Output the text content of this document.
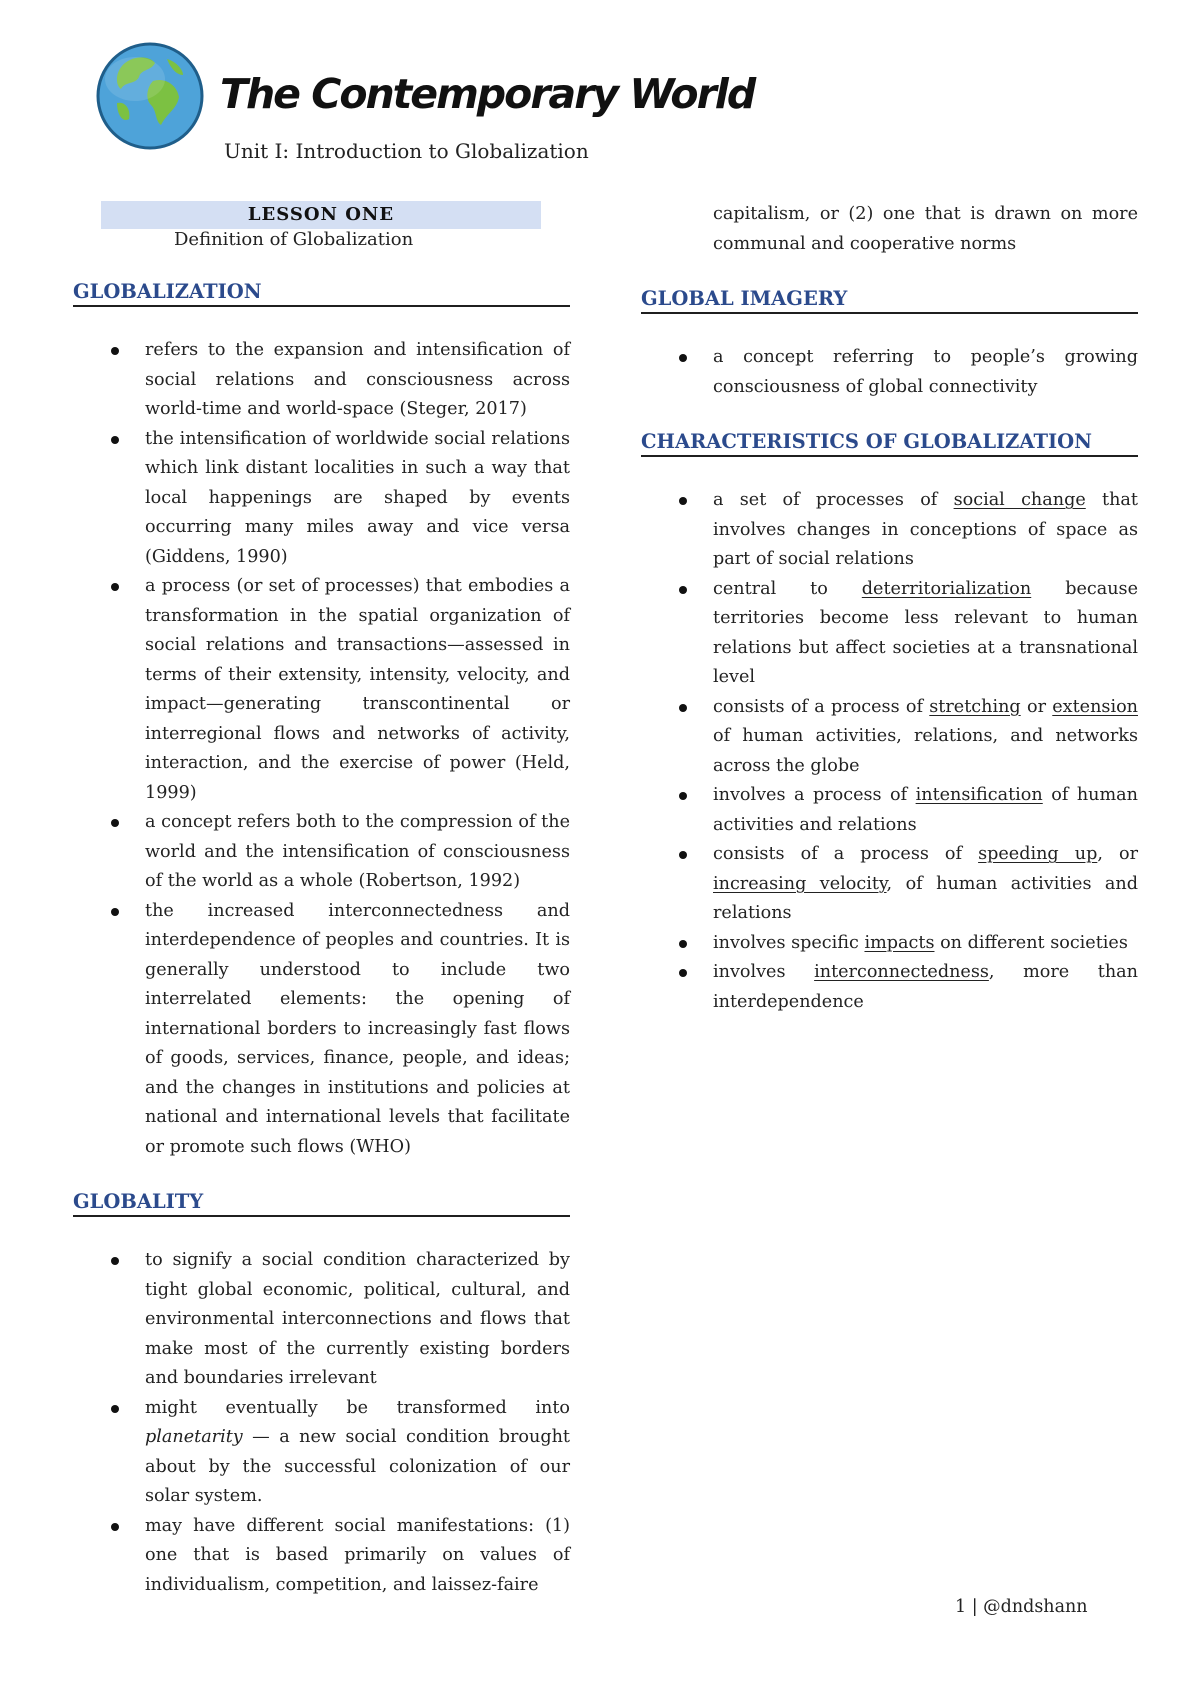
The Contemporary World
Unit I: Introduction to Globalization
LESSON ONE
Definition of Globalization
GLOBALIZATION
refers to the expansion and intensification of social relations and consciousness across world-time and world-space (Steger, 2017)
the intensification of worldwide social relations which link distant localities in such a way that local happenings are shaped by events occurring many miles away and vice versa (Giddens, 1990)
a process (or set of processes) that embodies a transformation in the spatial organization of social relations and transactions—assessed in terms of their extensity, intensity, velocity, and impact—generating transcontinental or interregional flows and networks of activity, interaction, and the exercise of power (Held, 1999)
a concept refers both to the compression of the world and the intensification of consciousness of the world as a whole (Robertson, 1992)
the increased interconnectedness and interdependence of peoples and countries. It is generally understood to include two interrelated elements: the opening of international borders to increasingly fast flows of goods, services, finance, people, and ideas; and the changes in institutions and policies at national and international levels that facilitate or promote such flows (WHO)
GLOBALITY
to signify a social condition characterized by tight global economic, political, cultural, and environmental interconnections and flows that make most of the currently existing borders and boundaries irrelevant
might eventually be transformed into planetarity — a new social condition brought about by the successful colonization of our solar system.
may have different social manifestations: (1) one that is based primarily on values of individualism, competition, and laissez-faire

capitalism, or (2) one that is drawn on more communal and cooperative norms

GLOBAL IMAGERY
a concept referring to people’s growing consciousness of global connectivity
CHARACTERISTICS OF GLOBALIZATION
a set of processes of social change that involves changes in conceptions of space as part of social relations
central to deterritorialization because territories become less relevant to human relations but affect societies at a transnational level
consists of a process of stretching or extension of human activities, relations, and networks across the globe
involves a process of intensification of human activities and relations
consists of a process of speeding up, or increasing velocity, of human activities and relations
involves specific impacts on different societies
involves interconnectedness, more than interdependence
1 | @dndshann
